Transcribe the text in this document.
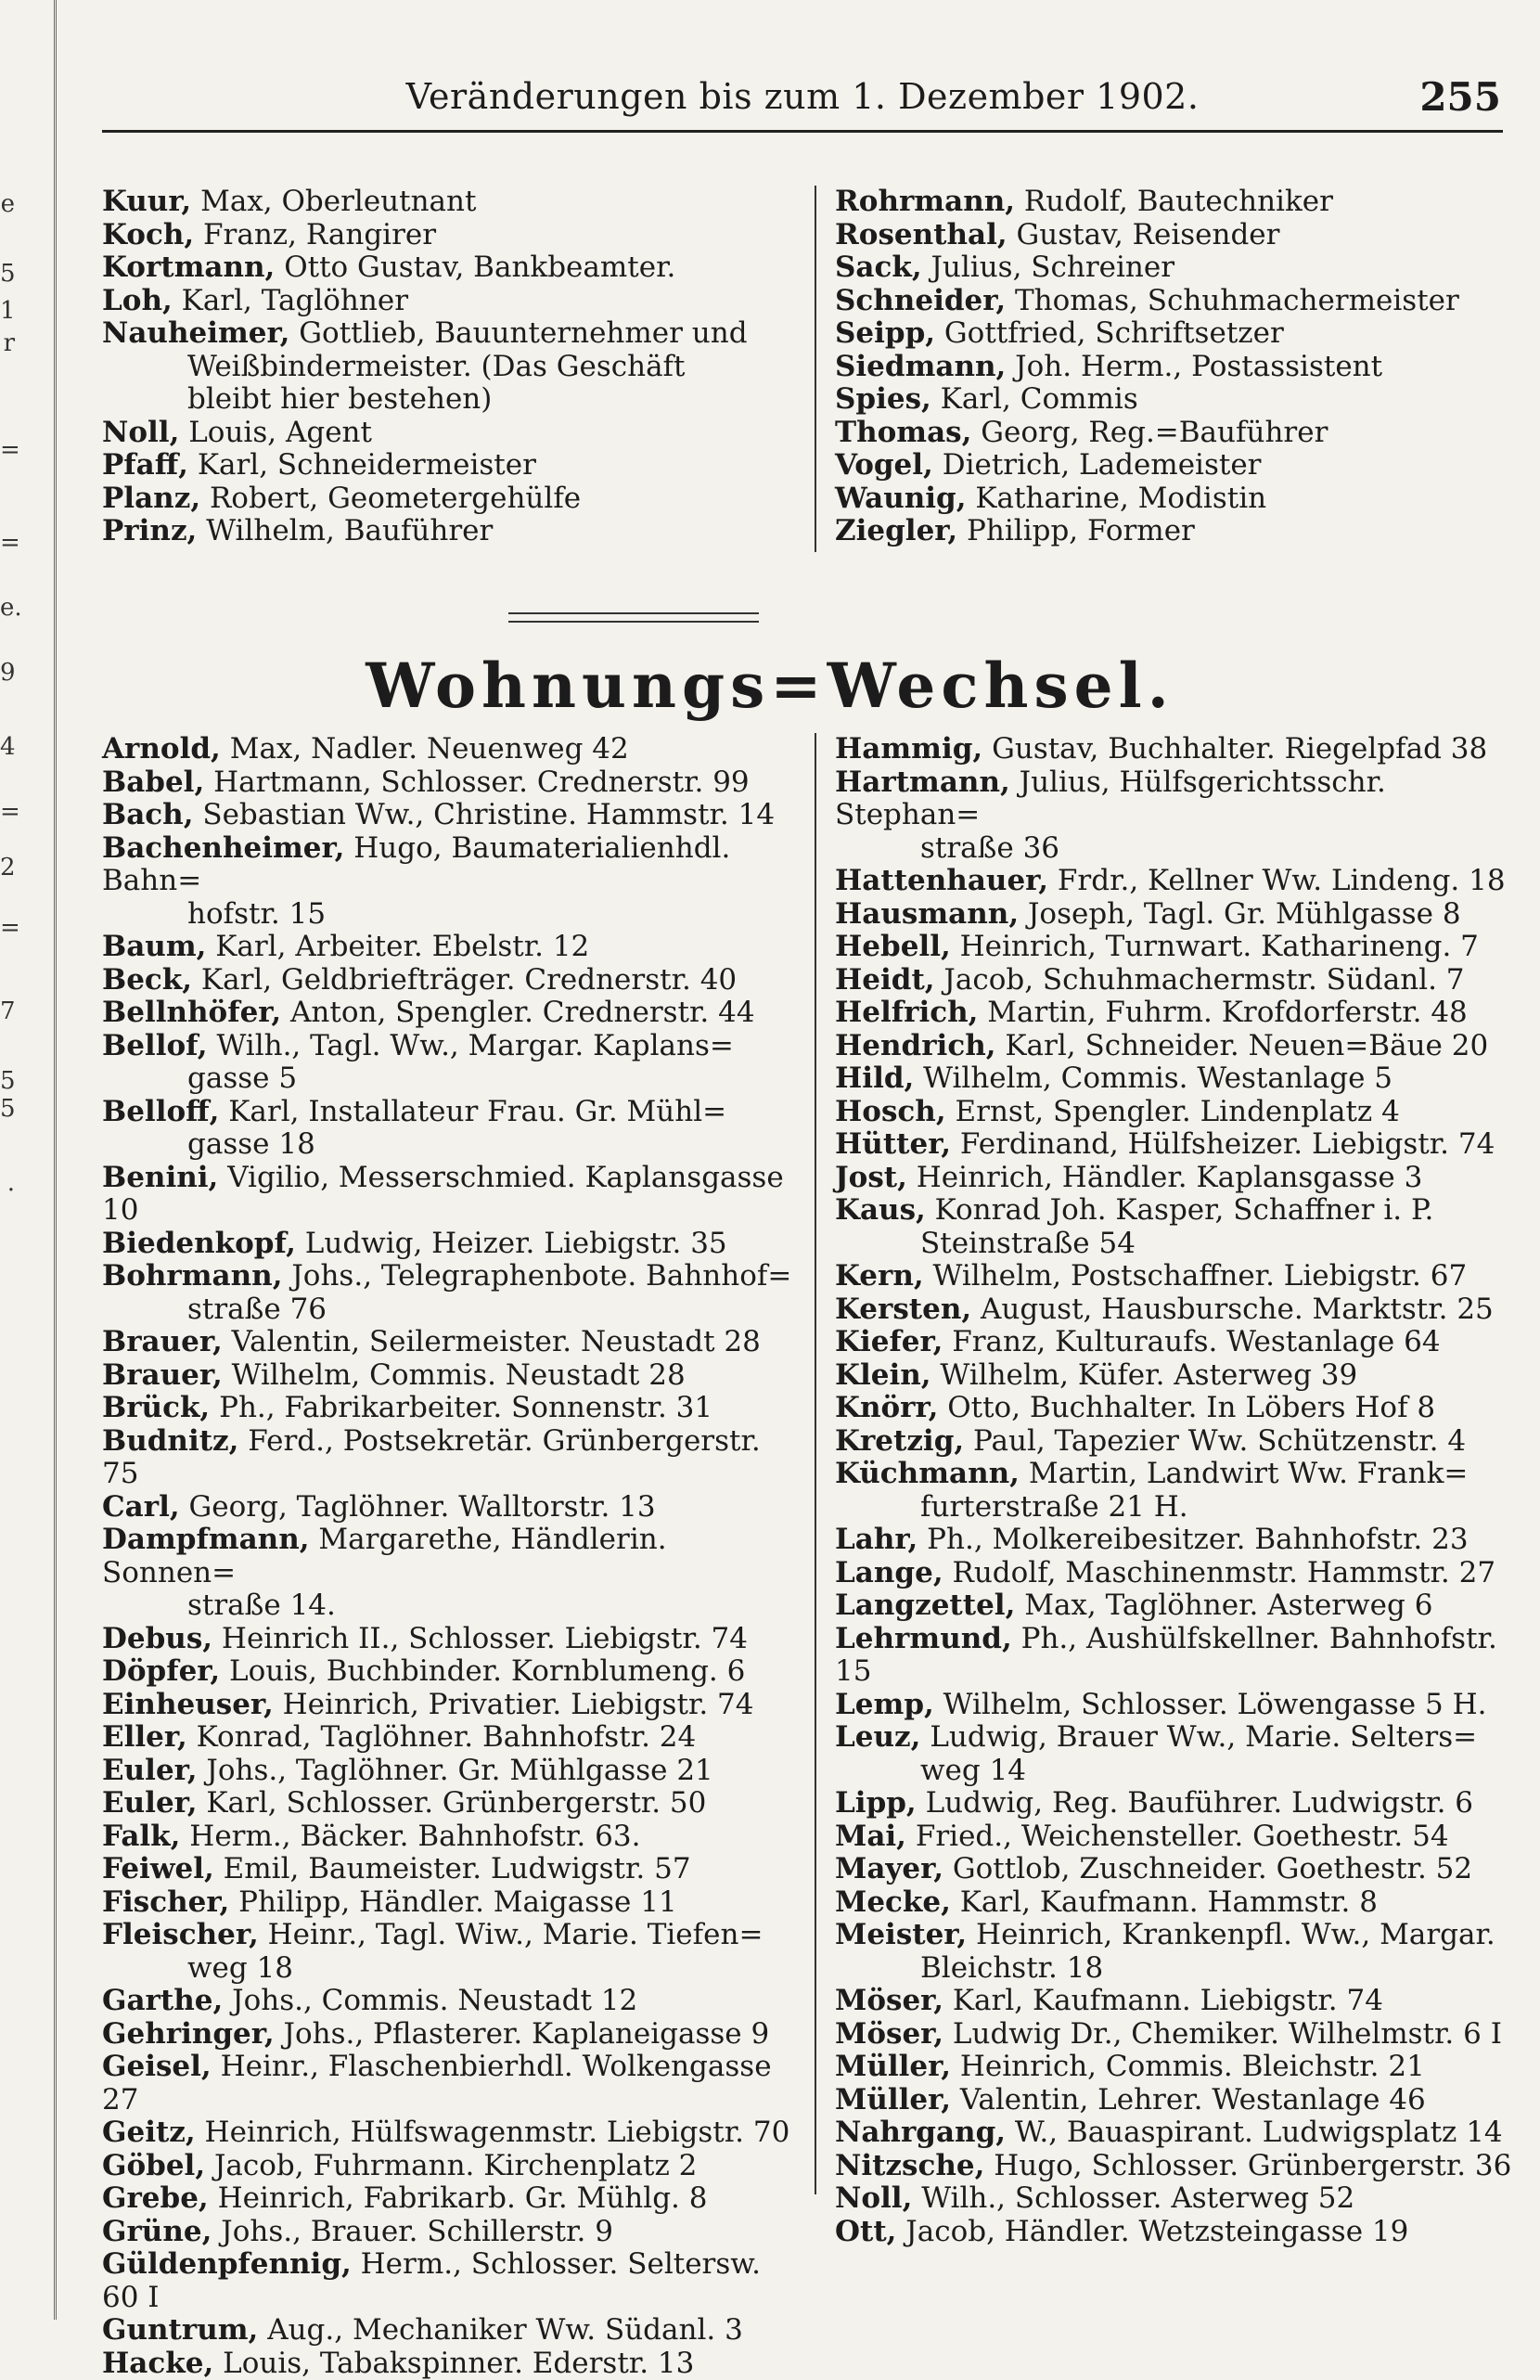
e
5
1
r
=
=
e.
9
4
=
2
=
7
5
5
.
Veränderungen bis zum 1. Dezember 1902.	255
Kuur, Max, Oberleutnant
Koch, Franz, Rangirer
Kortmann, Otto Gustav, Bankbeamter.
Loh, Karl, Taglöhner
Nauheimer, Gottlieb, Bauunternehmer und
Weißbindermeister. (Das Geschäft
bleibt hier bestehen)
Noll, Louis, Agent
Pfaff, Karl, Schneidermeister
Planz, Robert, Geometergehülfe
Prinz, Wilhelm, Bauführer
Rohrmann, Rudolf, Bautechniker
Rosenthal, Gustav, Reisender
Sack, Julius, Schreiner
Schneider, Thomas, Schuhmachermeister
Seipp, Gottfried, Schriftsetzer
Siedmann, Joh. Herm., Postassistent
Spies, Karl, Commis
Thomas, Georg, Reg.=Bauführer
Vogel, Dietrich, Lademeister
Waunig, Katharine, Modistin
Ziegler, Philipp, Former
Wohnungs=Wechsel.
Arnold, Max, Nadler. Neuenweg 42
Babel, Hartmann, Schlosser. Crednerstr. 99
Bach, Sebastian Ww., Christine. Hammstr. 14
Bachenheimer, Hugo, Baumaterialienhdl. Bahn=
hofstr. 15
Baum, Karl, Arbeiter. Ebelstr. 12
Beck, Karl, Geldbriefträger. Crednerstr. 40
Bellnhöfer, Anton, Spengler. Crednerstr. 44
Bellof, Wilh., Tagl. Ww., Margar. Kaplans=
gasse 5
Belloff, Karl, Installateur Frau. Gr. Mühl=
gasse 18
Benini, Vigilio, Messerschmied. Kaplansgasse 10
Biedenkopf, Ludwig, Heizer. Liebigstr. 35
Bohrmann, Johs., Telegraphenbote. Bahnhof=
straße 76
Brauer, Valentin, Seilermeister. Neustadt 28
Brauer, Wilhelm, Commis. Neustadt 28
Brück, Ph., Fabrikarbeiter. Sonnenstr. 31
Budnitz, Ferd., Postsekretär. Grünbergerstr. 75
Carl, Georg, Taglöhner. Walltorstr. 13
Dampfmann, Margarethe, Händlerin. Sonnen=
straße 14.
Debus, Heinrich II., Schlosser. Liebigstr. 74
Döpfer, Louis, Buchbinder. Kornblumeng. 6
Einheuser, Heinrich, Privatier. Liebigstr. 74
Eller, Konrad, Taglöhner. Bahnhofstr. 24
Euler, Johs., Taglöhner. Gr. Mühlgasse 21
Euler, Karl, Schlosser. Grünbergerstr. 50
Falk, Herm., Bäcker. Bahnhofstr. 63.
Feiwel, Emil, Baumeister. Ludwigstr. 57
Fischer, Philipp, Händler. Maigasse 11
Fleischer, Heinr., Tagl. Wiw., Marie. Tiefen=
weg 18
Garthe, Johs., Commis. Neustadt 12
Gehringer, Johs., Pflasterer. Kaplaneigasse 9
Geisel, Heinr., Flaschenbierhdl. Wolkengasse 27
Geitz, Heinrich, Hülfswagenmstr. Liebigstr. 70
Göbel, Jacob, Fuhrmann. Kirchenplatz 2
Grebe, Heinrich, Fabrikarb. Gr. Mühlg. 8
Grüne, Johs., Brauer. Schillerstr. 9
Güldenpfennig, Herm., Schlosser. Seltersw. 60 I
Guntrum, Aug., Mechaniker Ww. Südanl. 3
Hacke, Louis, Tabakspinner. Ederstr. 13
Hammig, Gustav, Buchhalter. Riegelpfad 38
Hartmann, Julius, Hülfsgerichtsschr. Stephan=
straße 36
Hattenhauer, Frdr., Kellner Ww. Lindeng. 18
Hausmann, Joseph, Tagl. Gr. Mühlgasse 8
Hebell, Heinrich, Turnwart. Katharineng. 7
Heidt, Jacob, Schuhmachermstr. Südanl. 7
Helfrich, Martin, Fuhrm. Krofdorferstr. 48
Hendrich, Karl, Schneider. Neuen=Bäue 20
Hild, Wilhelm, Commis. Westanlage 5
Hosch, Ernst, Spengler. Lindenplatz 4
Hütter, Ferdinand, Hülfsheizer. Liebigstr. 74
Jost, Heinrich, Händler. Kaplansgasse 3
Kaus, Konrad Joh. Kasper, Schaffner i. P.
Steinstraße 54
Kern, Wilhelm, Postschaffner. Liebigstr. 67
Kersten, August, Hausbursche. Marktstr. 25
Kiefer, Franz, Kulturaufs. Westanlage 64
Klein, Wilhelm, Küfer. Asterweg 39
Knörr, Otto, Buchhalter. In Löbers Hof 8
Kretzig, Paul, Tapezier Ww. Schützenstr. 4
Küchmann, Martin, Landwirt Ww. Frank=
furterstraße 21 H.
Lahr, Ph., Molkereibesitzer. Bahnhofstr. 23
Lange, Rudolf, Maschinenmstr. Hammstr. 27
Langzettel, Max, Taglöhner. Asterweg 6
Lehrmund, Ph., Aushülfskellner. Bahnhofstr. 15
Lemp, Wilhelm, Schlosser. Löwengasse 5 H.
Leuz, Ludwig, Brauer Ww., Marie. Selters=
weg 14
Lipp, Ludwig, Reg. Bauführer. Ludwigstr. 6
Mai, Fried., Weichensteller. Goethestr. 54
Mayer, Gottlob, Zuschneider. Goethestr. 52
Mecke, Karl, Kaufmann. Hammstr. 8
Meister, Heinrich, Krankenpfl. Ww., Margar.
Bleichstr. 18
Möser, Karl, Kaufmann. Liebigstr. 74
Möser, Ludwig Dr., Chemiker. Wilhelmstr. 6 I
Müller, Heinrich, Commis. Bleichstr. 21
Müller, Valentin, Lehrer. Westanlage 46
Nahrgang, W., Bauaspirant. Ludwigsplatz 14
Nitzsche, Hugo, Schlosser. Grünbergerstr. 36
Noll, Wilh., Schlosser. Asterweg 52
Ott, Jacob, Händler. Wetzsteingasse 19
